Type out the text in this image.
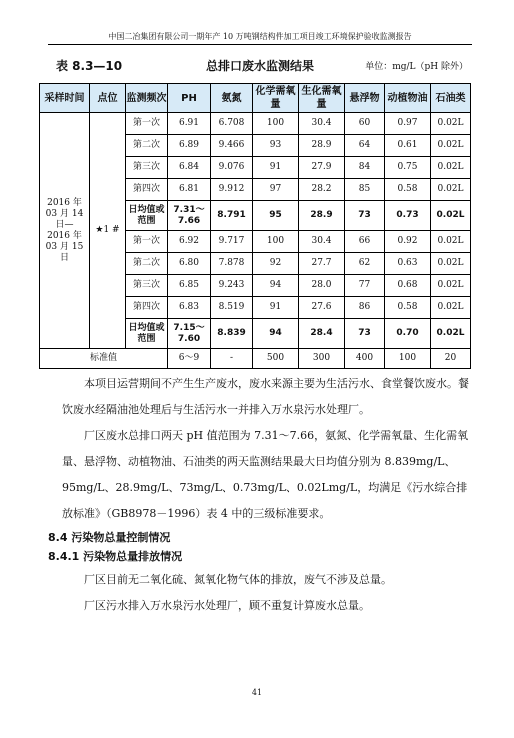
中国二冶集团有限公司一期年产 10 万吨钢结构件加工项目竣工环境保护验收监测报告
表 8.3—10	总排口废水监测结果	单位：mg/L（pH 除外）
采样时间	点位	监测频次	PH	氨氮	化学需氧量	生化需氧量	悬浮物	动植物油	石油类
2016 年 03 月 14 日— 2016 年 03 月 15 日	★1 #	第一次	6.91	6.708	100	30.4	60	0.97	0.02L
		第二次	6.89	9.466	93	28.9	64	0.61	0.02L
		第三次	6.84	9.076	91	27.9	84	0.75	0.02L
		第四次	6.81	9.912	97	28.2	85	0.58	0.02L
		日均值或范围	7.31～7.66	8.791	95	28.9	73	0.73	0.02L
		第一次	6.92	9.717	100	30.4	66	0.92	0.02L
		第二次	6.80	7.878	92	27.7	62	0.63	0.02L
		第三次	6.85	9.243	94	28.0	77	0.68	0.02L
		第四次	6.83	8.519	91	27.6	86	0.58	0.02L
		日均值或范围	7.15～7.60	8.839	94	28.4	73	0.70	0.02L
标准值			6～9	-	500	300	400	100	20
本项目运营期间不产生生产废水，废水来源主要为生活污水、食堂餐饮废水。餐饮废水经隔油池处理后与生活污水一并排入万水泉污水处理厂。
厂区废水总排口两天 pH 值范围为 7.31～7.66，氨氮、化学需氧量、生化需氧量、悬浮物、动植物油、石油类的两天监测结果最大日均值分别为 8.839mg/L、95mg/L、28.9mg/L、73mg/L、0.73mg/L、0.02Lmg/L，均满足《污水综合排放标准》（GB8978－1996）表 4 中的三级标准要求。
8.4 污染物总量控制情况
8.4.1 污染物总量排放情况
厂区目前无二氧化硫、氮氧化物气体的排放，废气不涉及总量。
厂区污水排入万水泉污水处理厂，顾不重复计算废水总量。
41
